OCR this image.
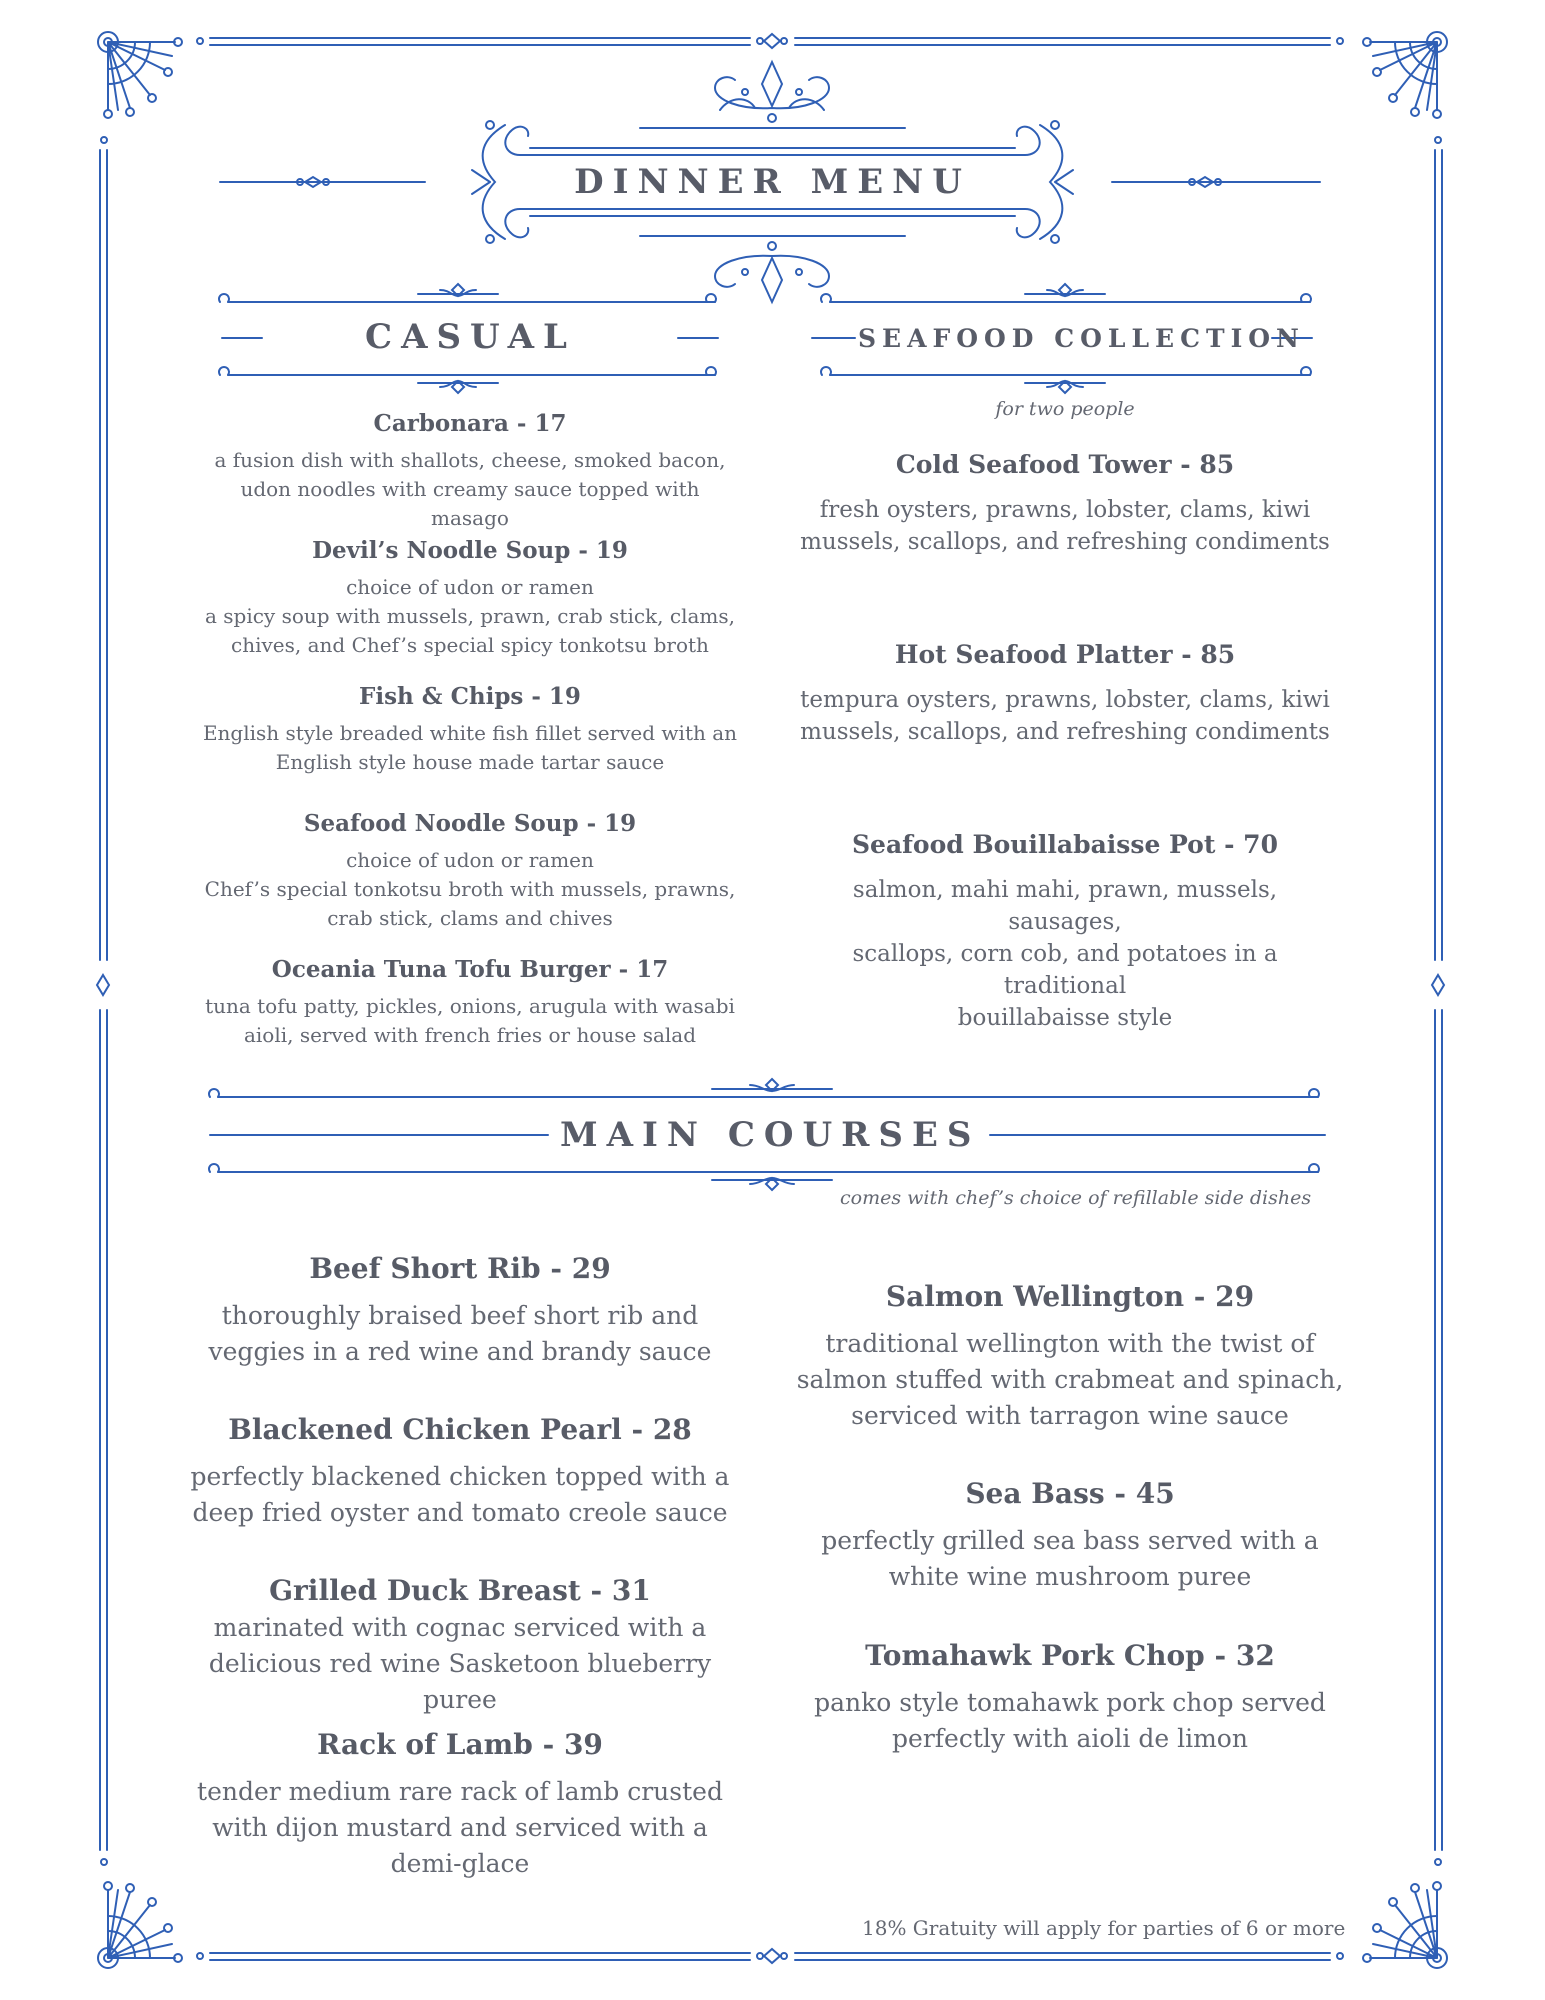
DINNER MENU
CASUAL
Carbonara - 17
a fusion dish with shallots, cheese, smoked bacon,
udon noodles with creamy sauce topped with masago
Devil’s Noodle Soup - 19
choice of udon or ramen
a spicy soup with mussels, prawn, crab stick, clams,
chives, and Chef’s special spicy tonkotsu broth
Fish & Chips - 19
English style breaded white fish fillet served with an
English style house made tartar sauce
Seafood Noodle Soup - 19
choice of udon or ramen
Chef’s special tonkotsu broth with mussels, prawns,
crab stick, clams and chives
Oceania Tuna Tofu Burger - 17
tuna tofu patty, pickles, onions, arugula with wasabi
aioli, served with french fries or house salad
SEAFOOD COLLECTION
for two people
Cold Seafood Tower - 85
fresh oysters, prawns, lobster, clams, kiwi
mussels, scallops, and refreshing condiments
Hot Seafood Platter - 85
tempura oysters, prawns, lobster, clams, kiwi
mussels, scallops, and refreshing condiments
Seafood Bouillabaisse Pot - 70
salmon, mahi mahi, prawn, mussels, sausages,
scallops, corn cob, and potatoes in a traditional
bouillabaisse style
MAIN COURSES
comes with chef’s choice of refillable side dishes
Beef Short Rib - 29
thoroughly braised beef short rib and
veggies in a red wine and brandy sauce
Blackened Chicken Pearl - 28
perfectly blackened chicken topped with a
deep fried oyster and tomato creole sauce
Grilled Duck Breast - 31
marinated with cognac serviced with a
delicious red wine Sasketoon blueberry puree
Rack of Lamb - 39
tender medium rare rack of lamb crusted
with dijon mustard and serviced with a
demi-glace
Salmon Wellington - 29
traditional wellington with the twist of
salmon stuffed with crabmeat and spinach,
serviced with tarragon wine sauce
Sea Bass - 45
perfectly grilled sea bass served with a
white wine mushroom puree
Tomahawk Pork Chop - 32
panko style tomahawk pork chop served
perfectly with aioli de limon
18% Gratuity will apply for parties of 6 or more
